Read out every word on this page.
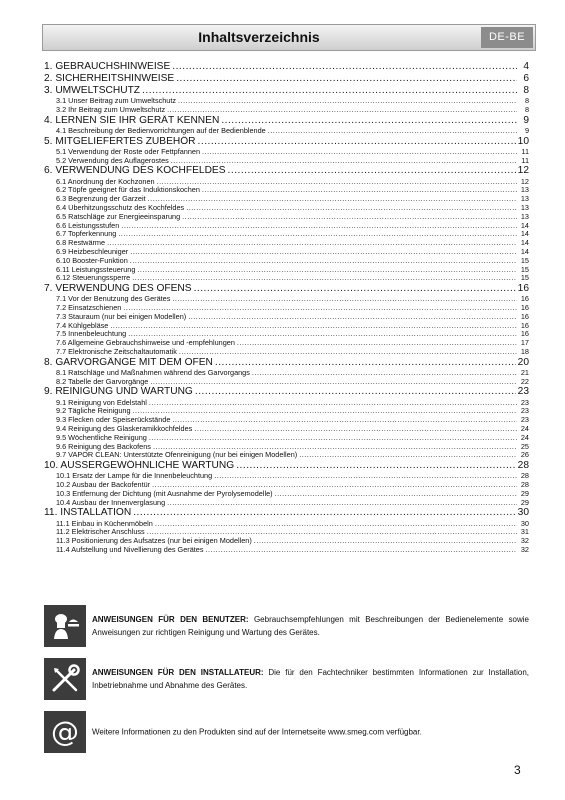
Inhaltsverzeichnis	DE-BE
1. GEBRAUCHSHINWEISE .....	4
2. SICHERHEITSHINWEISE .....	6
3. UMWELTSCHUTZ .....	8
3.1 Unser Beitrag zum Umweltschutz .....	8
3.2 Ihr Beitrag zum Umweltschutz .....	8
4. LERNEN SIE IHR GERÄT KENNEN .....	9
4.1 Beschreibung der Bedienvorrichtungen auf der Bedienblende .....	9
5. MITGELIEFERTES ZUBEHÖR .....	10
5.1 Verwendung der Roste oder Fettpfannen .....	11
5.2 Verwendung des Auflagerostes .....	11
6. VERWENDUNG DES KOCHFELDES .....	12
6.1 Anordnung der Kochzonen .....	12
6.2 Töpfe geeignet für das Induktionskochen .....	13
6.3 Begrenzung der Garzeit .....	13
6.4 Überhitzungsschutz des Kochfeldes .....	13
6.5 Ratschläge zur Energieeinsparung .....	13
6.6 Leistungsstufen .....	14
6.7 Topferkennung .....	14
6.8 Restwärme .....	14
6.9 Heizbeschleuniger .....	14
6.10 Booster-Funktion .....	15
6.11 Leistungssteuerung .....	15
6.12 Steuerungssperre .....	15
7. VERWENDUNG DES OFENS .....	16
7.1 Vor der Benutzung des Gerätes .....	16
7.2 Einsatzschienen .....	16
7.3 Stauraum (nur bei einigen Modellen) .....	16
7.4 Kühlgebläse .....	16
7.5 Innenbeleuchtung .....	16
7.6 Allgemeine Gebrauchshinweise und -empfehlungen .....	17
7.7 Elektronische Zeitschaltautomatik .....	18
8. GARVORGÄNGE MIT DEM OFEN .....	20
8.1 Ratschläge und Maßnahmen während des Garvorgangs .....	21
8.2 Tabelle der Garvorgänge .....	22
9. REINIGUNG UND WARTUNG .....	23
9.1 Reinigung von Edelstahl .....	23
9.2 Tägliche Reinigung .....	23
9.3 Flecken oder Speiserückstände .....	23
9.4 Reinigung des Glaskeramikkochfeldes .....	24
9.5 Wöchentliche Reinigung .....	24
9.6 Reinigung des Backofens .....	25
9.7 VAPOR CLEAN: Unterstützte Ofenreinigung (nur bei einigen Modellen) .....	26
10. AUSSERGEWÖHNLICHE WARTUNG .....	28
10.1 Ersatz der Lampe für die Innenbeleuchtung .....	28
10.2 Ausbau der Backofentür .....	28
10.3 Entfernung der Dichtung (mit Ausnahme der Pyrolysemodelle) .....	29
10.4 Ausbau der Innenverglasung .....	29
11. INSTALLATION .....	30
11.1 Einbau in Küchenmöbeln .....	30
11.2 Elektrischer Anschluss .....	31
11.3 Positionierung des Aufsatzes (nur bei einigen Modellen) .....	32
11.4 Aufstellung und Nivellierung des Gerätes .....	32
ANWEISUNGEN FÜR DEN BENUTZER: Gebrauchsempfehlungen mit Beschreibungen der Bedienelemente sowie Anweisungen zur richtigen Reinigung und Wartung des Gerätes.
ANWEISUNGEN FÜR DEN INSTALLATEUR: Die für den Fachtechniker bestimmten Informationen zur Installation, Inbetriebnahme und Abnahme des Gerätes.
@ Weitere Informationen zu den Produkten sind auf der Internetseite www.smeg.com verfügbar.
3
